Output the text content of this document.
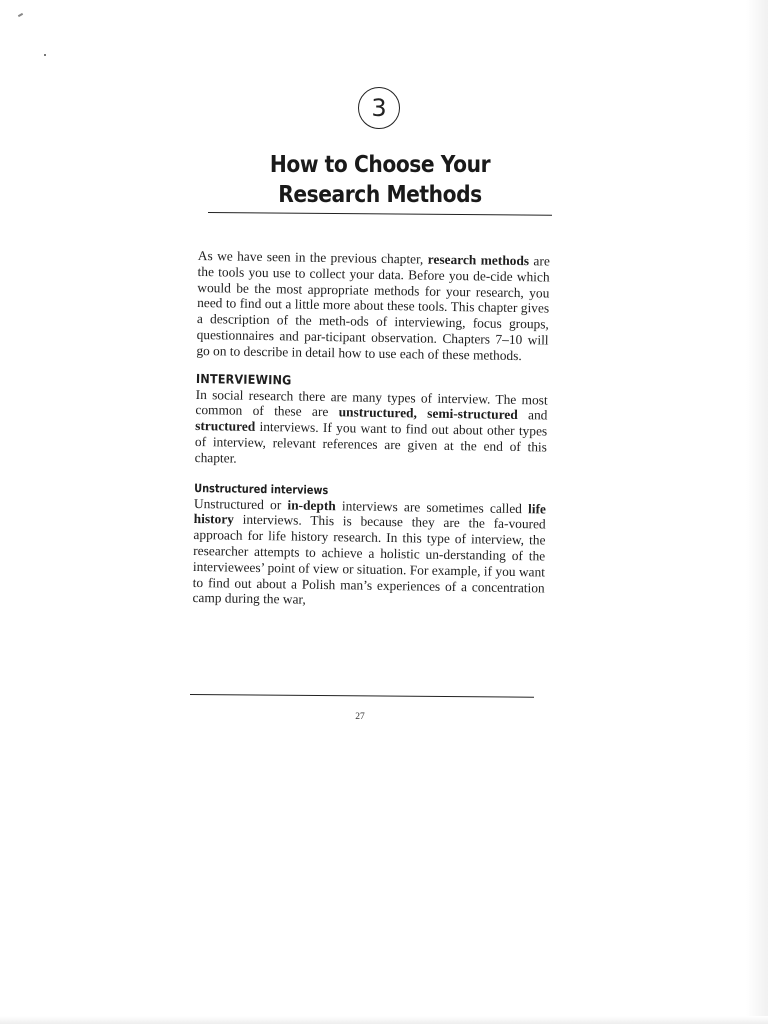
3
How to Choose Your
Research Methods

As we have seen in the previous chapter, research methods are the tools you use to collect your data. Before you de-cide which would be the most appropriate methods for your research, you need to find out a little more about these tools. This chapter gives a description of the meth-ods of interviewing, focus groups, questionnaires and par-ticipant observation. Chapters 7–10 will go on to describe in detail how to use each of these methods.

INTERVIEWING

In social research there are many types of interview. The most common of these are unstructured, semi-structured and structured interviews. If you want to find out about other types of interview, relevant references are given at the end of this chapter.

Unstructured interviews

Unstructured or in-depth interviews are sometimes called life history interviews. This is because they are the fa-voured approach for life history research. In this type of interview, the researcher attempts to achieve a holistic un-derstanding of the interviewees’ point of view or situation. For example, if you want to find out about a Polish man’s experiences of a concentration camp during the war,

27
